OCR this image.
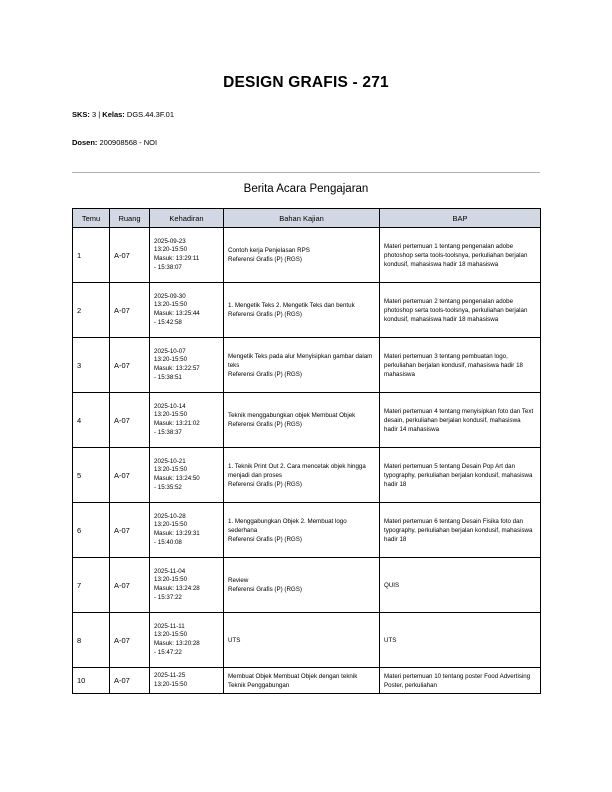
DESIGN GRAFIS - 271
SKS: 3 | Kelas: DGS.44.3F.01
Dosen: 200908568 - NOI
Berita Acara Pengajaran
Temu	Ruang	Kehadiran	Bahan Kajian	BAP
1	A-07	2025-09-23
13:20-15:50
Masuk: 13:29:11
- 15:38:07	Contoh kerja Penjelasan RPS
Referensi Grafis (P) (RGS)	Materi pertemuan 1 tentang pengenalan adobe photoshop serta tools-toolsnya, perkuliahan berjalan kondusif, mahasiswa hadir 18 mahasiswa
2	A-07	2025-09-30
13:20-15:50
Masuk: 13:25:44
- 15:42:58	1. Mengetik Teks 2. Mengetik Teks dan bentuk
Referensi Grafis (P) (RGS)	Materi pertemuan 2 tentang pengenalan adobe photoshop serta tools-toolsnya, perkuliahan berjalan kondusif, mahasiswa hadir 18 mahasiswa
3	A-07	2025-10-07
13:20-15:50
Masuk: 13:22:57
- 15:38:51	Mengetik Teks pada alur Menyisipkan gambar dalam teks
Referensi Grafis (P) (RGS)	Materi pertemuan 3 tentang pembuatan logo, perkuliahan berjalan kondusif, mahasiswa hadir 18 mahasiswa
4	A-07	2025-10-14
13:20-15:50
Masuk: 13:21:02
- 15:38:37	Teknik menggabungkan objek Membuat Objek
Referensi Grafis (P) (RGS)	Materi pertemuan 4 tentang menyisipkan foto dan Text desain, perkuliahan berjalan kondusif, mahasiswa hadir 14 mahasiswa
5	A-07	2025-10-21
13:20-15:50
Masuk: 13:24:50
- 15:35:52	1. Teknik Print Out 2. Cara mencetak objek hingga menjadi dan proses
Referensi Grafis (P) (RGS)	Materi pertemuan 5 tentang Desain Pop Art dan typography, perkuliahan berjalan kondusif, mahasiswa hadir 18
6	A-07	2025-10-28
13:20-15:50
Masuk: 13:29:31
- 15:40:08	1. Menggabungkan Objek 2. Membuat logo sederhana
Referensi Grafis (P) (RGS)	Materi pertemuan 6 tentang Desain Fisika foto dan typography, perkuliahan berjalan kondusif, mahasiswa hadir 18
7	A-07	2025-11-04
13:20-15:50
Masuk: 13:24:28
- 15:37:22	Review
Referensi Grafis (P) (RGS)	QUIS
8	A-07	2025-11-11
13:20-15:50
Masuk: 13:20:28
- 15:47:22	UTS	UTS
10	A-07	2025-11-25
13:20-15:50	Membuat Objek Membuat Objek dengan teknik Teknik Penggabungan	Materi pertemuan 10 tentang poster Food Advertising Poster, perkuliahan
